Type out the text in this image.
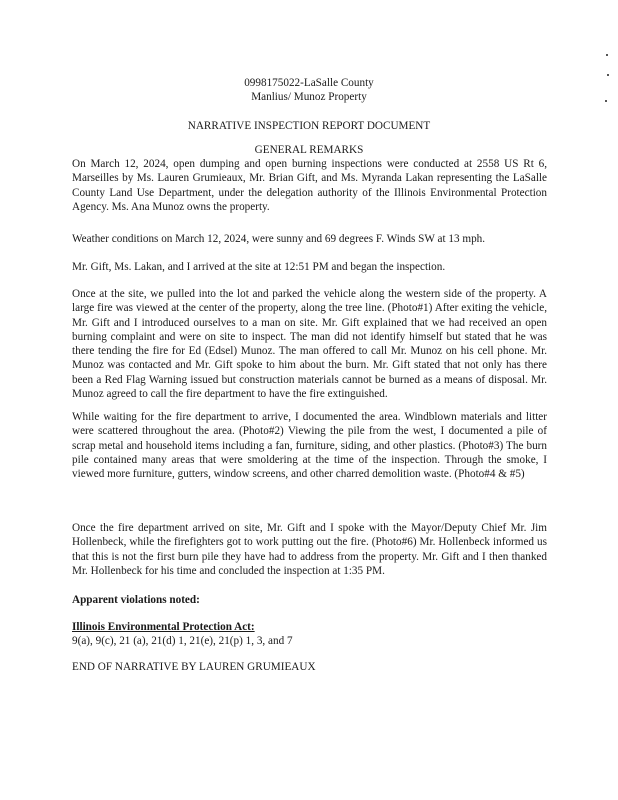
0998175022-LaSalle County
Manlius/ Munoz Property
NARRATIVE INSPECTION REPORT DOCUMENT
GENERAL REMARKS
On March 12, 2024, open dumping and open burning inspections were conducted at 2558 US Rt 6, Marseilles by Ms. Lauren Grumieaux, Mr. Brian Gift, and Ms. Myranda Lakan representing the LaSalle County Land Use Department, under the delegation authority of the Illinois Environmental Protection Agency. Ms. Ana Munoz owns the property.
Weather conditions on March 12, 2024, were sunny and 69 degrees F. Winds SW at 13 mph.
Mr. Gift, Ms. Lakan, and I arrived at the site at 12:51 PM and began the inspection.
Once at the site, we pulled into the lot and parked the vehicle along the western side of the property. A large fire was viewed at the center of the property, along the tree line. (Photo#1) After exiting the vehicle, Mr. Gift and I introduced ourselves to a man on site. Mr. Gift explained that we had received an open burning complaint and were on site to inspect. The man did not identify himself but stated that he was there tending the fire for Ed (Edsel) Munoz. The man offered to call Mr. Munoz on his cell phone. Mr. Munoz was contacted and Mr. Gift spoke to him about the burn. Mr. Gift stated that not only has there been a Red Flag Warning issued but construction materials cannot be burned as a means of disposal. Mr. Munoz agreed to call the fire department to have the fire extinguished.
While waiting for the fire department to arrive, I documented the area. Windblown materials and litter were scattered throughout the area. (Photo#2) Viewing the pile from the west, I documented a pile of scrap metal and household items including a fan, furniture, siding, and other plastics. (Photo#3) The burn pile contained many areas that were smoldering at the time of the inspection. Through the smoke, I viewed more furniture, gutters, window screens, and other charred demolition waste. (Photo#4 & #5)
Once the fire department arrived on site, Mr. Gift and I spoke with the Mayor/Deputy Chief Mr. Jim Hollenbeck, while the firefighters got to work putting out the fire. (Photo#6) Mr. Hollenbeck informed us that this is not the first burn pile they have had to address from the property. Mr. Gift and I then thanked Mr. Hollenbeck for his time and concluded the inspection at 1:35 PM.
Apparent violations noted:
Illinois Environmental Protection Act:
9(a), 9(c), 21 (a), 21(d) 1, 21(e), 21(p) 1, 3, and 7
END OF NARRATIVE BY LAUREN GRUMIEAUX
